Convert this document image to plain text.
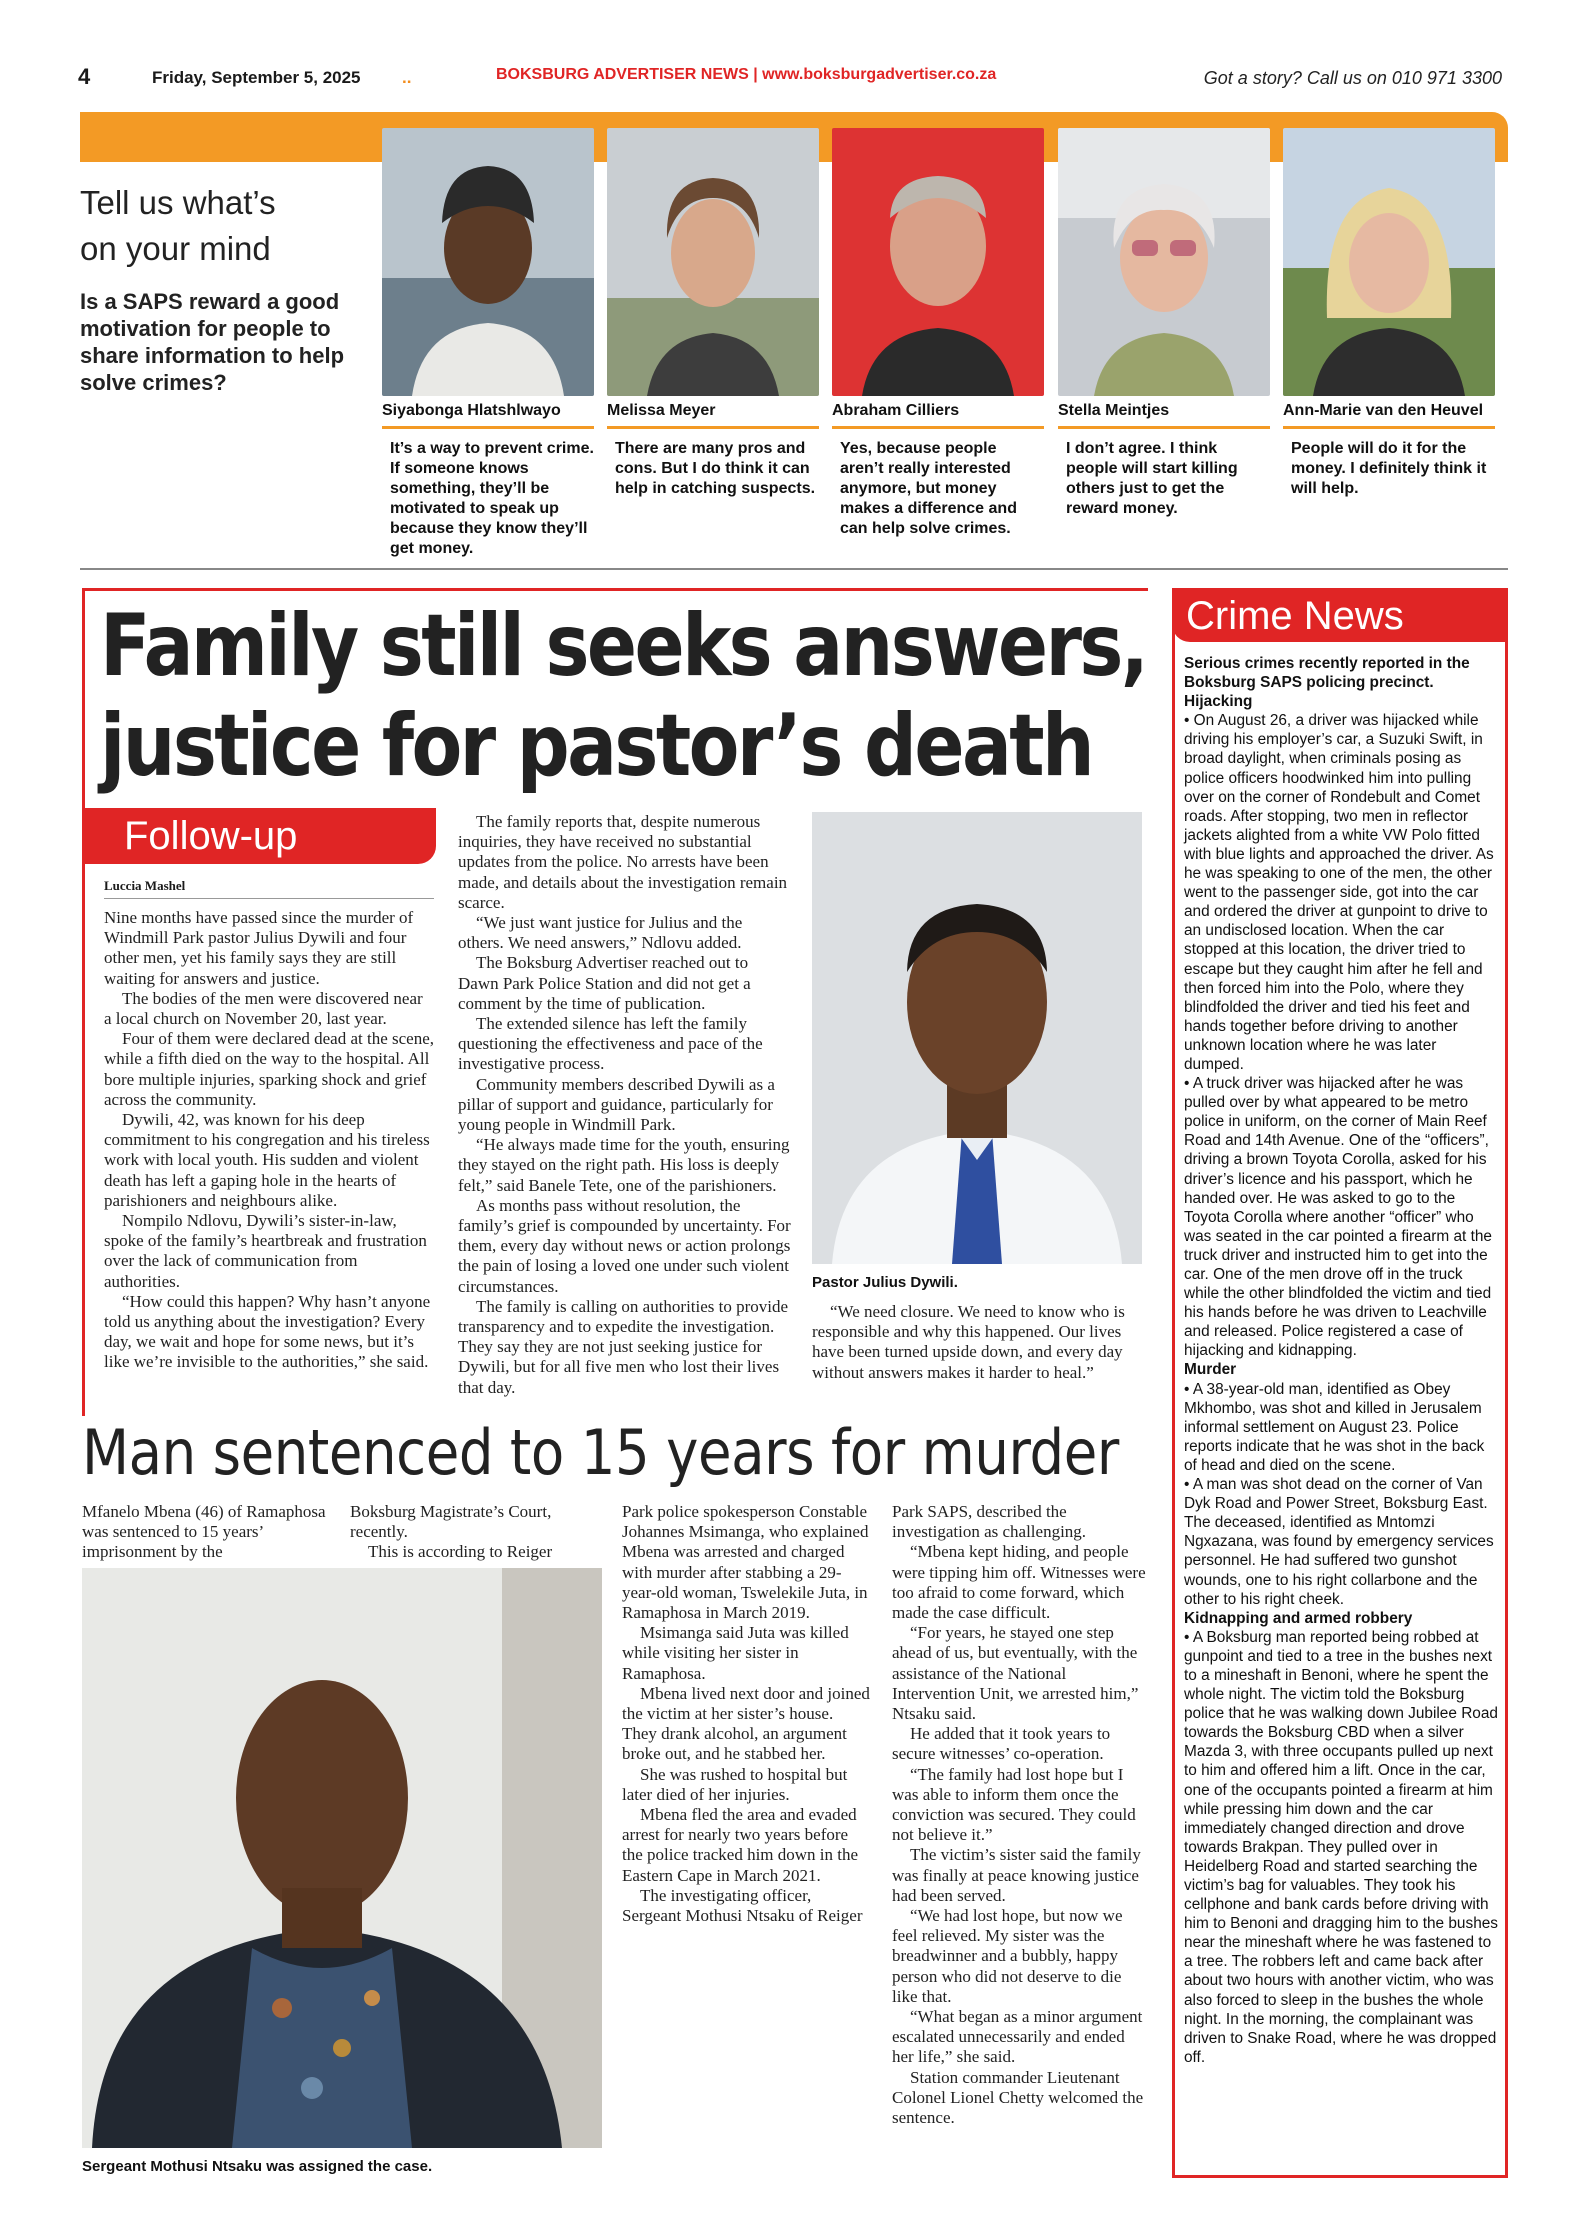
4	Friday, September 5, 2025 ..	BOKSBURG ADVERTISER NEWS | www.boksburgadvertiser.co.za	Got a story? Call us on 010 971 3300
Tell us what’s
on your mind
Is a SAPS reward a good motivation for people to share information to help solve crimes?
Siyabonga Hlatshlwayo
It’s a way to prevent crime. If someone knows something, they’ll be motivated to speak up because they know they’ll get money.
Melissa Meyer
There are many pros and cons. But I do think it can help in catching suspects.
Abraham Cilliers
Yes, because people aren’t really interested anymore, but money makes a difference and can help solve crimes.
Stella Meintjes
I don’t agree. I think people will start killing others just to get the reward money.
Ann-Marie van den Heuvel
People will do it for the money. I definitely think it will help.
Family still seeks answers,
justice for pastor’s death
Follow-up
Luccia Mashel

Nine months have passed since the murder of Windmill Park pastor Julius Dywili and four other men, yet his family says they are still waiting for answers and justice.

The bodies of the men were discovered near a local church on November 20, last year.

Four of them were declared dead at the scene, while a fifth died on the way to the hospital. All bore multiple injuries, sparking shock and grief across the community.

Dywili, 42, was known for his deep commitment to his congregation and his tireless work with local youth. His sudden and violent death has left a gaping hole in the hearts of parishioners and neighbours alike.

Nompilo Ndlovu, Dywili’s sister-in-law, spoke of the family’s heartbreak and frustration over the lack of communication from authorities.

“How could this happen? Why hasn’t anyone told us anything about the investigation? Every day, we wait and hope for some news, but it’s like we’re invisible to the authorities,” she said.

The family reports that, despite numerous inquiries, they have received no substantial updates from the police. No arrests have been made, and details about the investigation remain scarce.

“We just want justice for Julius and the others. We need answers,” Ndlovu added.

The Boksburg Advertiser reached out to Dawn Park Police Station and did not get a comment by the time of publication.

The extended silence has left the family questioning the effectiveness and pace of the investigative process.

Community members described Dywili as a pillar of support and guidance, particularly for young people in Windmill Park.

“He always made time for the youth, ensuring they stayed on the right path. His loss is deeply felt,” said Banele Tete, one of the parishioners.

As months pass without resolution, the family’s grief is compounded by uncertainty. For them, every day without news or action prolongs the pain of losing a loved one under such violent circumstances.

The family is calling on authorities to provide transparency and to expedite the investigation. They say they are not just seeking justice for Dywili, but for all five men who lost their lives that day.

Pastor Julius Dywili.

“We need closure. We need to know who is responsible and why this happened. Our lives have been turned upside down, and every day without answers makes it harder to heal.”

Man sentenced to 15 years for murder

Mfanelo Mbena (46) of Ramaphosa was sentenced to 15 years’ imprisonment by the

Boksburg Magistrate’s Court, recently.

This is according to Reiger

Sergeant Mothusi Ntsaku was assigned the case.

Park police spokesperson Constable Johannes Msimanga, who explained Mbena was arrested and charged with murder after stabbing a 29-year-old woman, Tswelekile Juta, in Ramaphosa in March 2019.

Msimanga said Juta was killed while visiting her sister in Ramaphosa.

Mbena lived next door and joined the victim at her sister’s house. They drank alcohol, an argument broke out, and he stabbed her.

She was rushed to hospital but later died of her injuries.

Mbena fled the area and evaded arrest for nearly two years before the police tracked him down in the Eastern Cape in March 2021.

The investigating officer, Sergeant Mothusi Ntsaku of Reiger

Park SAPS, described the investigation as challenging.

“Mbena kept hiding, and people were tipping him off. Witnesses were too afraid to come forward, which made the case difficult.

“For years, he stayed one step ahead of us, but eventually, with the assistance of the National Intervention Unit, we arrested him,” Ntsaku said.

He added that it took years to secure witnesses’ co-operation.

“The family had lost hope but I was able to inform them once the conviction was secured. They could not believe it.”

The victim’s sister said the family was finally at peace knowing justice had been served.

“We had lost hope, but now we feel relieved. My sister was the breadwinner and a bubbly, happy person who did not deserve to die like that.

“What began as a minor argument escalated unnecessarily and ended her life,” she said.

Station commander Lieutenant Colonel Lionel Chetty welcomed the sentence.

Crime News

Serious crimes recently reported in the Boksburg SAPS policing precinct.

Hijacking

• On August 26, a driver was hijacked while driving his employer’s car, a Suzuki Swift, in broad daylight, when criminals posing as police officers hoodwinked him into pulling over on the corner of Rondebult and Comet roads. After stopping, two men in reflector jackets alighted from a white VW Polo fitted with blue lights and approached the driver. As he was speaking to one of the men, the other went to the passenger side, got into the car and ordered the driver at gunpoint to drive to an undisclosed location. When the car stopped at this location, the driver tried to escape but they caught him after he fell and then forced him into the Polo, where they blindfolded the driver and tied his feet and hands together before driving to another unknown location where he was later dumped.

• A truck driver was hijacked after he was pulled over by what appeared to be metro police in uniform, on the corner of Main Reef Road and 14th Avenue. One of the “officers”, driving a brown Toyota Corolla, asked for his driver’s licence and his passport, which he handed over. He was asked to go to the Toyota Corolla where another “officer” who was seated in the car pointed a firearm at the truck driver and instructed him to get into the car. One of the men drove off in the truck while the other blindfolded the victim and tied his hands before he was driven to Leachville and released. Police registered a case of hijacking and kidnapping.

Murder

• A 38-year-old man, identified as Obey Mkhombo, was shot and killed in Jerusalem informal settlement on August 23. Police reports indicate that he was shot in the back of head and died on the scene.

• A man was shot dead on the corner of Van Dyk Road and Power Street, Boksburg East. The deceased, identified as Mntomzi Ngxazana, was found by emergency services personnel. He had suffered two gunshot wounds, one to his right collarbone and the other to his right cheek.

Kidnapping and armed robbery

• A Boksburg man reported being robbed at gunpoint and tied to a tree in the bushes next to a mineshaft in Benoni, where he spent the whole night. The victim told the Boksburg police that he was walking down Jubilee Road towards the Boksburg CBD when a silver Mazda 3, with three occupants pulled up next to him and offered him a lift. Once in the car, one of the occupants pointed a firearm at him while pressing him down and the car immediately changed direction and drove towards Brakpan. They pulled over in Heidelberg Road and started searching the victim’s bag for valuables. They took his cellphone and bank cards before driving with him to Benoni and dragging him to the bushes near the mineshaft where he was fastened to a tree. The robbers left and came back after about two hours with another victim, who was also forced to sleep in the bushes the whole night. In the morning, the complainant was driven to Snake Road, where he was dropped off.
